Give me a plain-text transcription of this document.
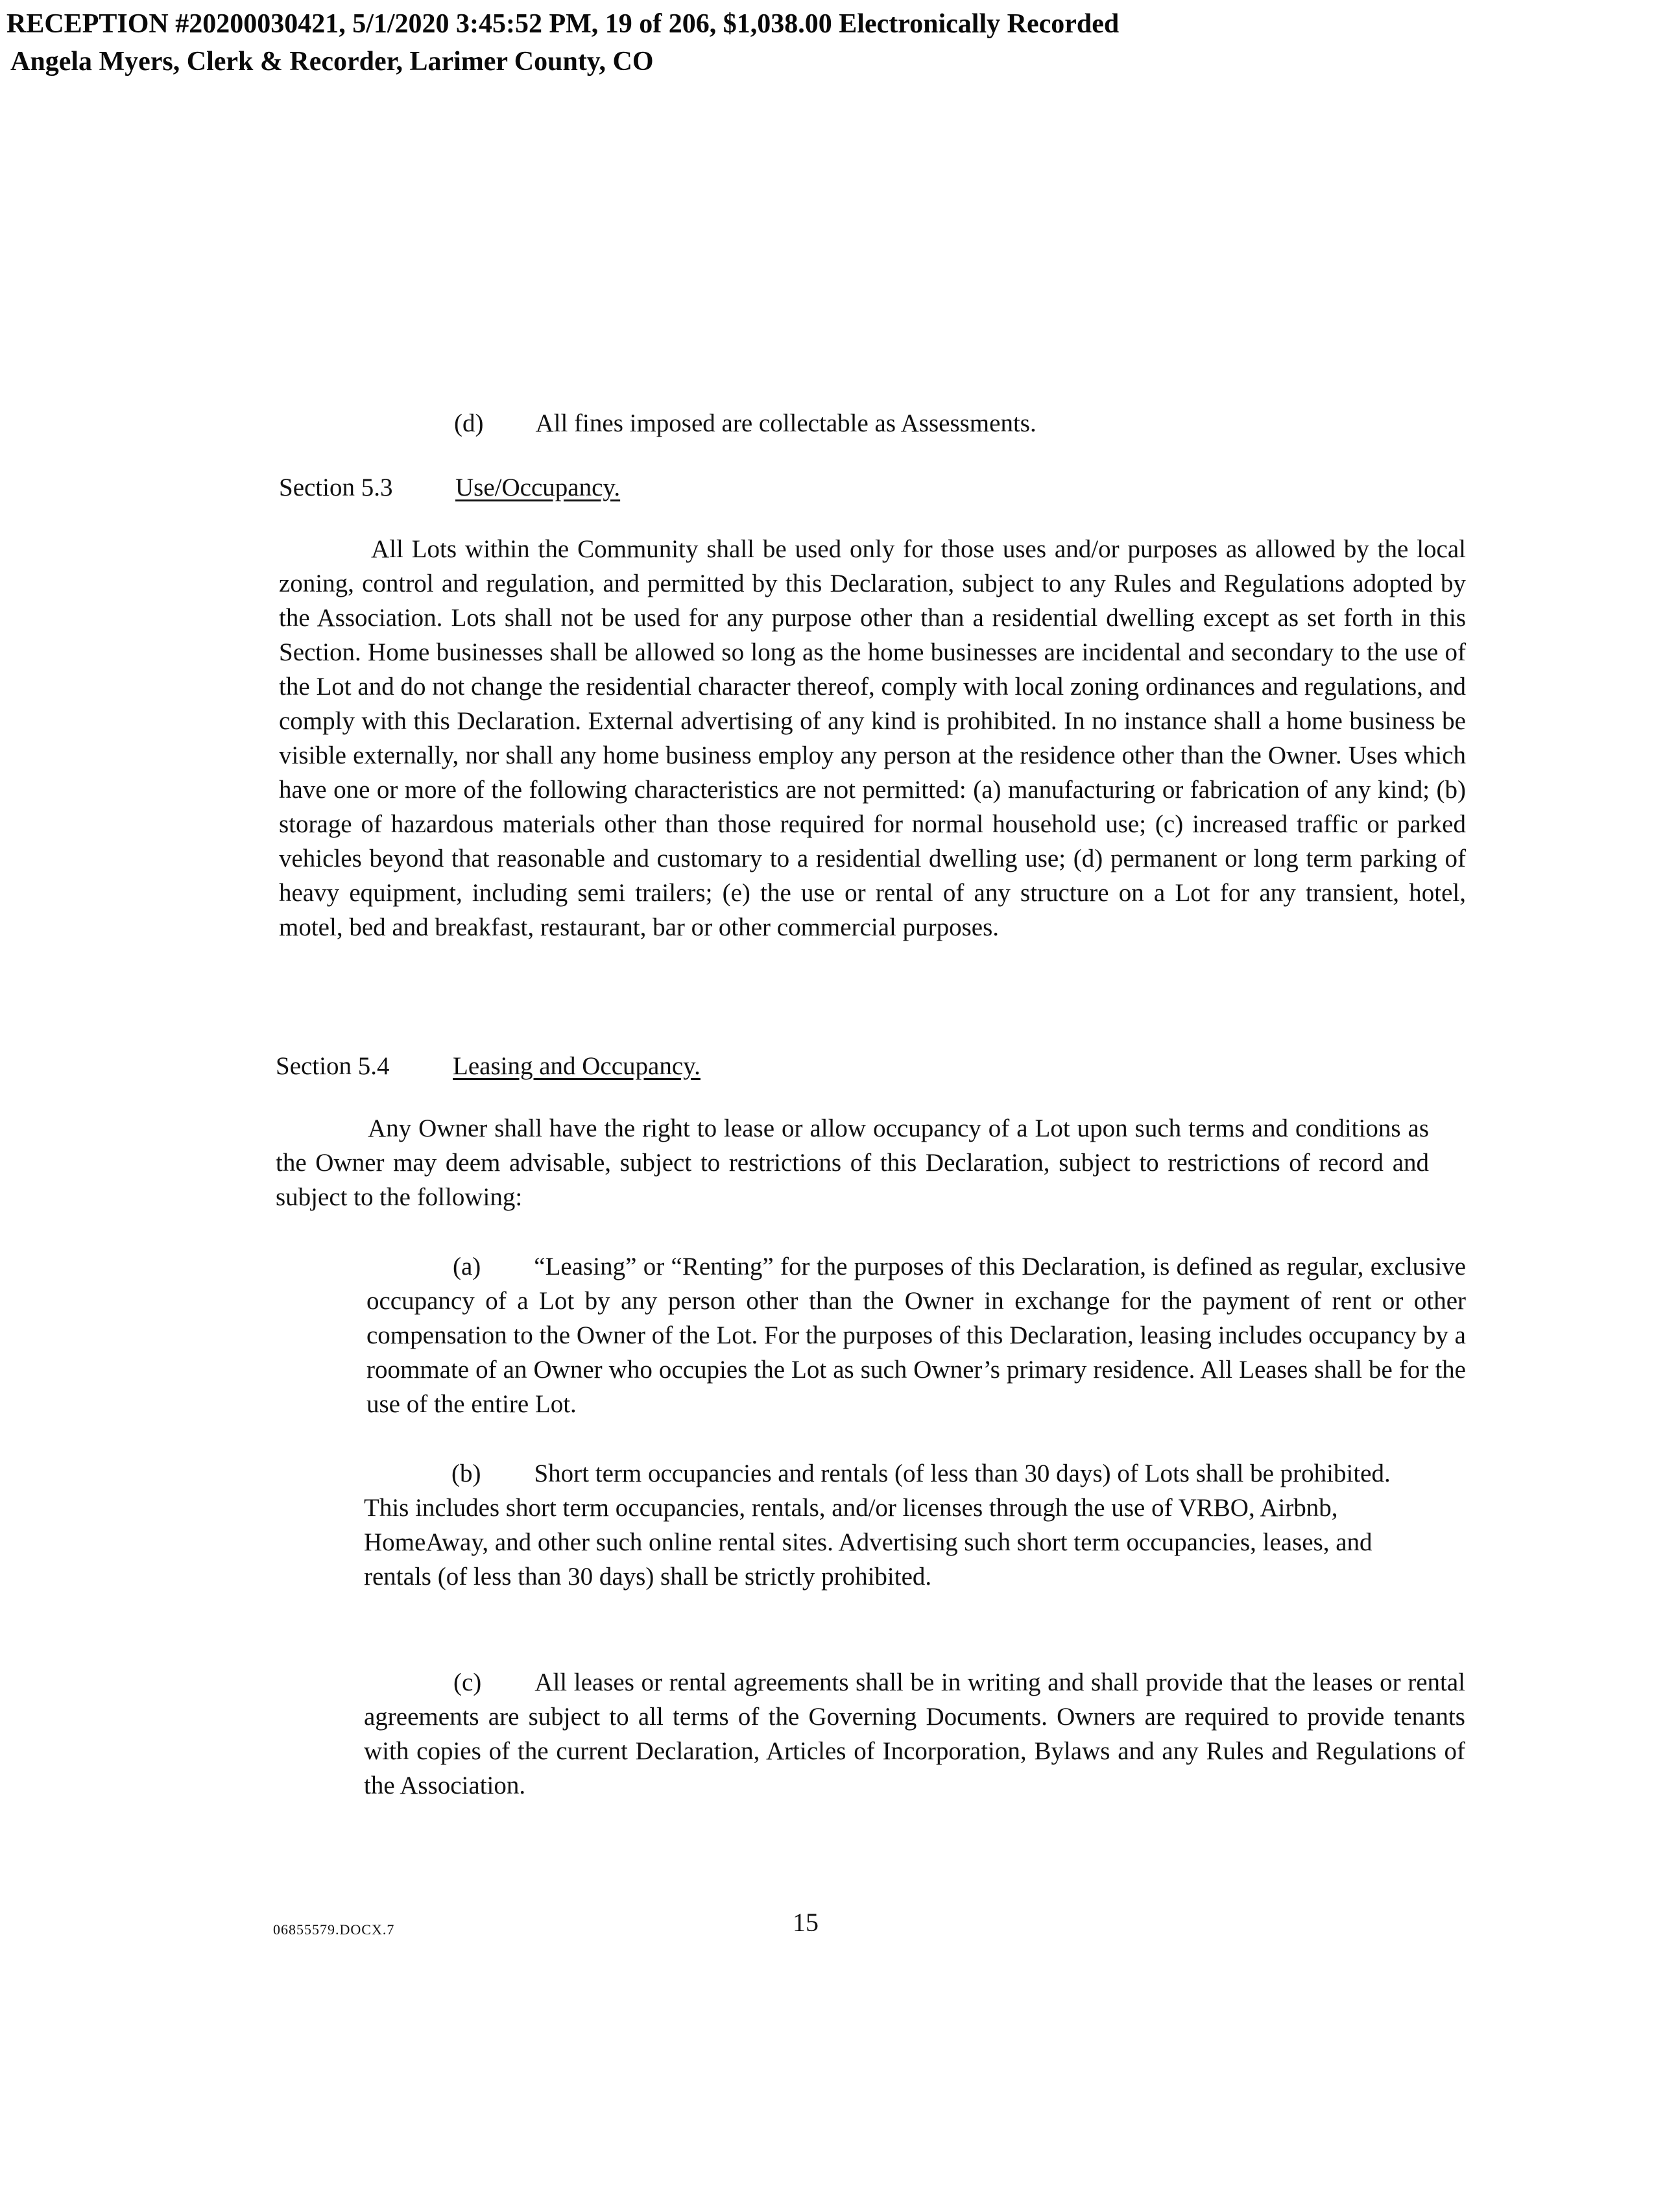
RECEPTION #20200030421, 5/1/2020 3:45:52 PM, 19 of 206, $1,038.00 Electronically Recorded
Angela Myers, Clerk & Recorder, Larimer County, CO
(d) All fines imposed are collectable as Assessments.
Section 5.3 Use/Occupancy.
All Lots within the Community shall be used only for those uses and/or purposes as allowed by the local zoning, control and regulation, and permitted by this Declaration, subject to any Rules and Regulations adopted by the Association. Lots shall not be used for any purpose other than a residential dwelling except as set forth in this Section. Home businesses shall be allowed so long as the home businesses are incidental and secondary to the use of the Lot and do not change the residential character thereof, comply with local zoning ordinances and regulations, and comply with this Declaration. External advertising of any kind is prohibited. In no instance shall a home business be visible externally, nor shall any home business employ any person at the residence other than the Owner. Uses which have one or more of the following characteristics are not permitted: (a) manufacturing or fabrication of any kind; (b) storage of hazardous materials other than those required for normal household use; (c) increased traffic or parked vehicles beyond that reasonable and customary to a residential dwelling use; (d) permanent or long term parking of heavy equipment, including semi trailers; (e) the use or rental of any structure on a Lot for any transient, hotel, motel, bed and breakfast, restaurant, bar or other commercial purposes.
Section 5.4	Leasing and Occupancy.
Any Owner shall have the right to lease or allow occupancy of a Lot upon such terms and conditions as the Owner may deem advisable, subject to restrictions of this Declaration, subject to restrictions of record and subject to the following:
(a) “Leasing” or “Renting” for the purposes of this Declaration, is defined as regular, exclusive occupancy of a Lot by any person other than the Owner in exchange for the payment of rent or other compensation to the Owner of the Lot. For the purposes of this Declaration, leasing includes occupancy by a roommate of an Owner who occupies the Lot as such Owner’s primary residence. All Leases shall be for the use of the entire Lot.
(b) Short term occupancies and rentals (of less than 30 days) of Lots shall be prohibited. This includes short term occupancies, rentals, and/or licenses through the use of VRBO, Airbnb, HomeAway, and other such online rental sites. Advertising such short term occupancies, leases, and rentals (of less than 30 days) shall be strictly prohibited.
(c) All leases or rental agreements shall be in writing and shall provide that the leases or rental agreements are subject to all terms of the Governing Documents. Owners are required to provide tenants with copies of the current Declaration, Articles of Incorporation, Bylaws and any Rules and Regulations of the Association.
06855579.DOCX.7	15
